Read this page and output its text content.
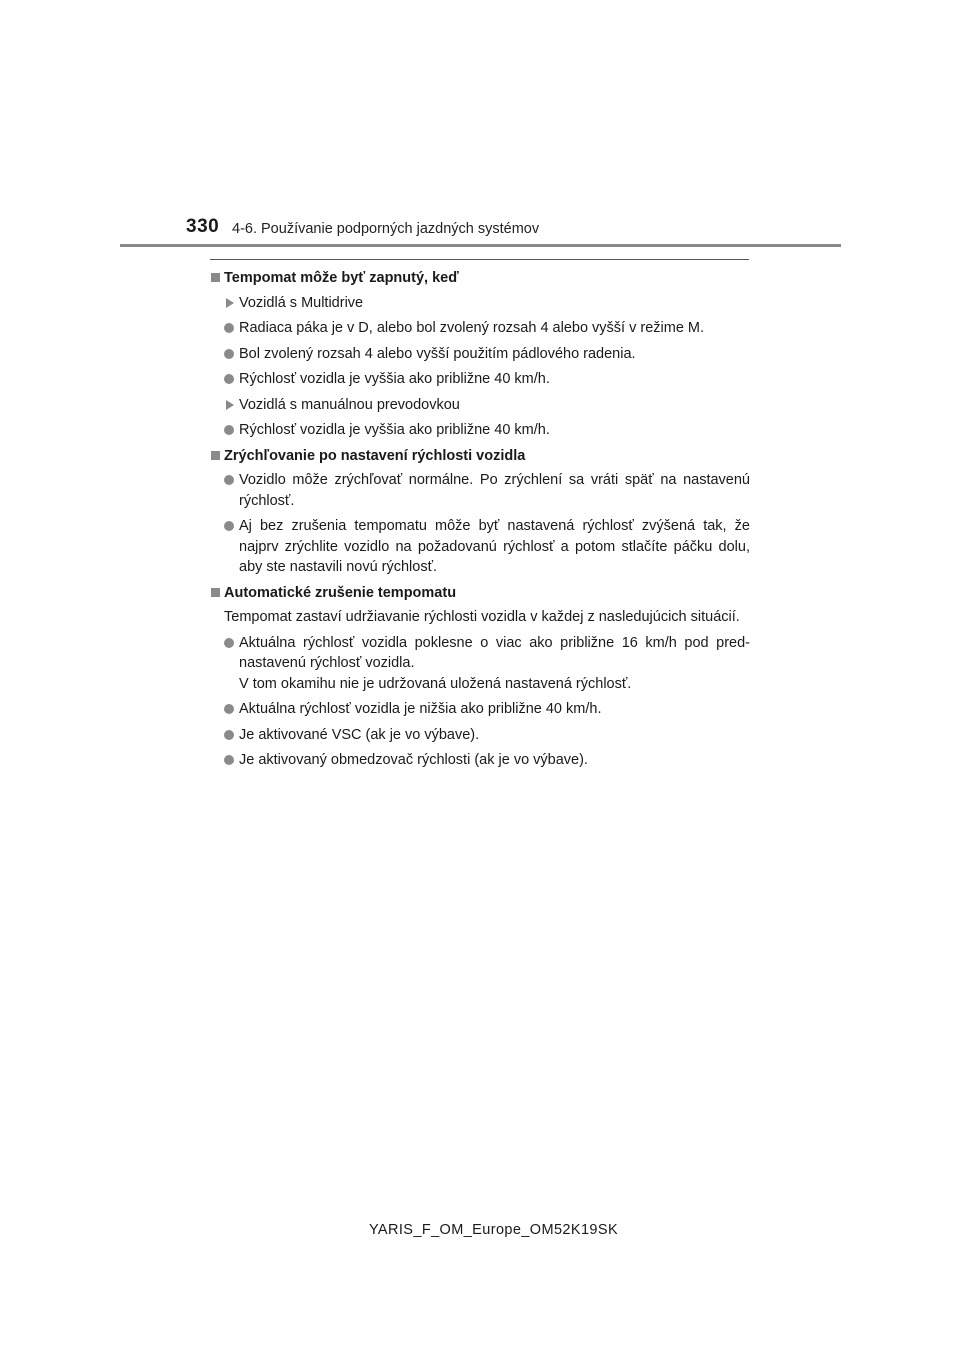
330 4-6. Používanie podporných jazdných systémov
Tempomat môže byť zapnutý, keď
Vozidlá s Multidrive
Radiaca páka je v D, alebo bol zvolený rozsah 4 alebo vyšší v režime M.
Bol zvolený rozsah 4 alebo vyšší použitím pádlového radenia.
Rýchlosť vozidla je vyššia ako približne 40 km/h.
Vozidlá s manuálnou prevodovkou
Rýchlosť vozidla je vyššia ako približne 40 km/h.
Zrýchľovanie po nastavení rýchlosti vozidla
Vozidlo môže zrýchľovať normálne. Po zrýchlení sa vráti späť na nastavenú rýchlosť.
Aj bez zrušenia tempomatu môže byť nastavená rýchlosť zvýšená tak, že najprv zrýchlite vozidlo na požadovanú rýchlosť a potom stlačíte páčku dolu, aby ste nastavili novú rýchlosť.
Automatické zrušenie tempomatu
Tempomat zastaví udržiavanie rýchlosti vozidla v každej z nasledujúcich situácií.
Aktuálna rýchlosť vozidla poklesne o viac ako približne 16 km/h pod pred-nastavenú rýchlosť vozidla.
V tom okamihu nie je udržovaná uložená nastavená rýchlosť.
Aktuálna rýchlosť vozidla je nižšia ako približne 40 km/h.
Je aktivované VSC (ak je vo výbave).
Je aktivovaný obmedzovač rýchlosti (ak je vo výbave).
YARIS_F_OM_Europe_OM52K19SK
